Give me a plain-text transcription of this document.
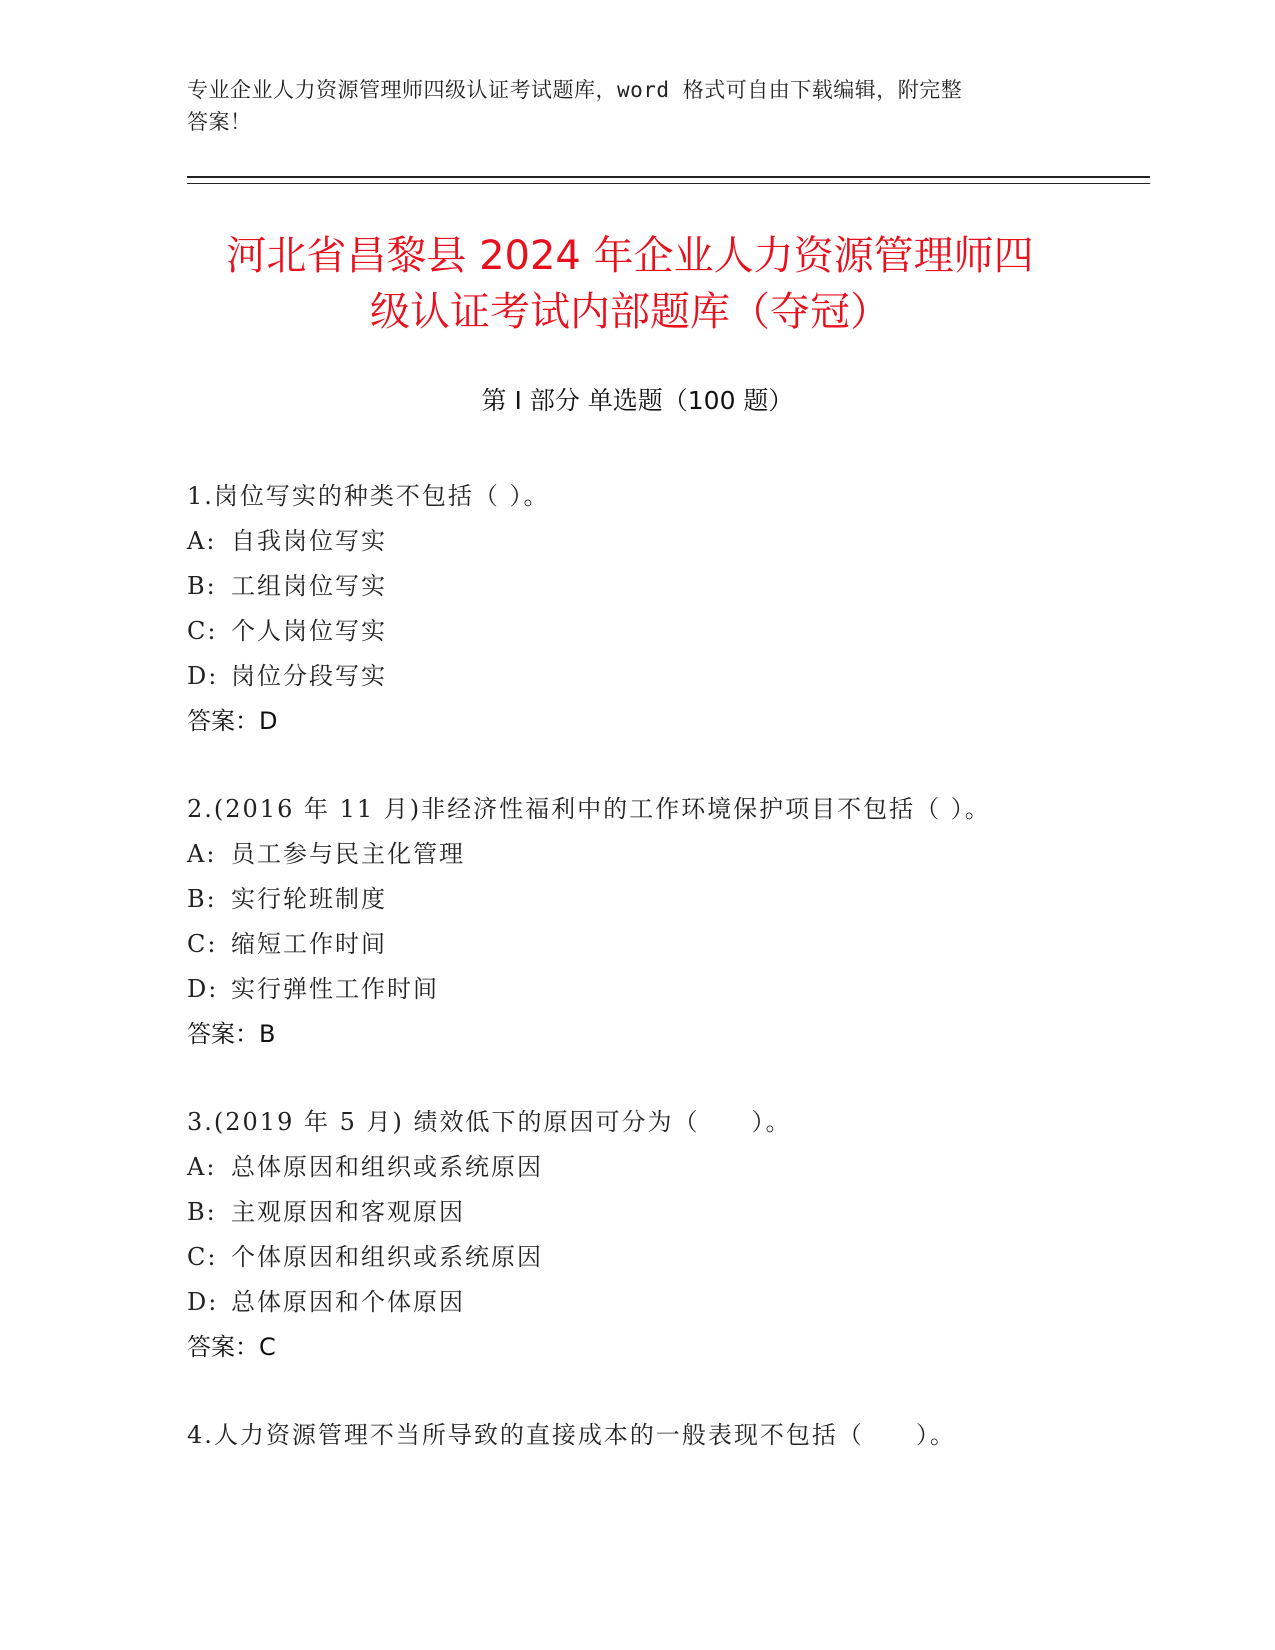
专业企业人力资源管理师四级认证考试题库，word 格式可自由下载编辑，附完整
答案！
河北省昌黎县 2024 年企业人力资源管理师四
级认证考试内部题库（夺冠）
第 I 部分 单选题（100 题）
1.岗位写实的种类不包括（ ）。
A: 自我岗位写实
B: 工组岗位写实
C: 个人岗位写实
D: 岗位分段写实
答案：D
2.(2016 年 11 月)非经济性福利中的工作环境保护项目不包括（ ）。
A: 员工参与民主化管理
B: 实行轮班制度
C: 缩短工作时间
D: 实行弹性工作时间
答案：B
3.(2019 年 5 月) 绩效低下的原因可分为（　　）。
A: 总体原因和组织或系统原因
B: 主观原因和客观原因
C: 个体原因和组织或系统原因
D: 总体原因和个体原因
答案：C
4.人力资源管理不当所导致的直接成本的一般表现不包括（　　）。
